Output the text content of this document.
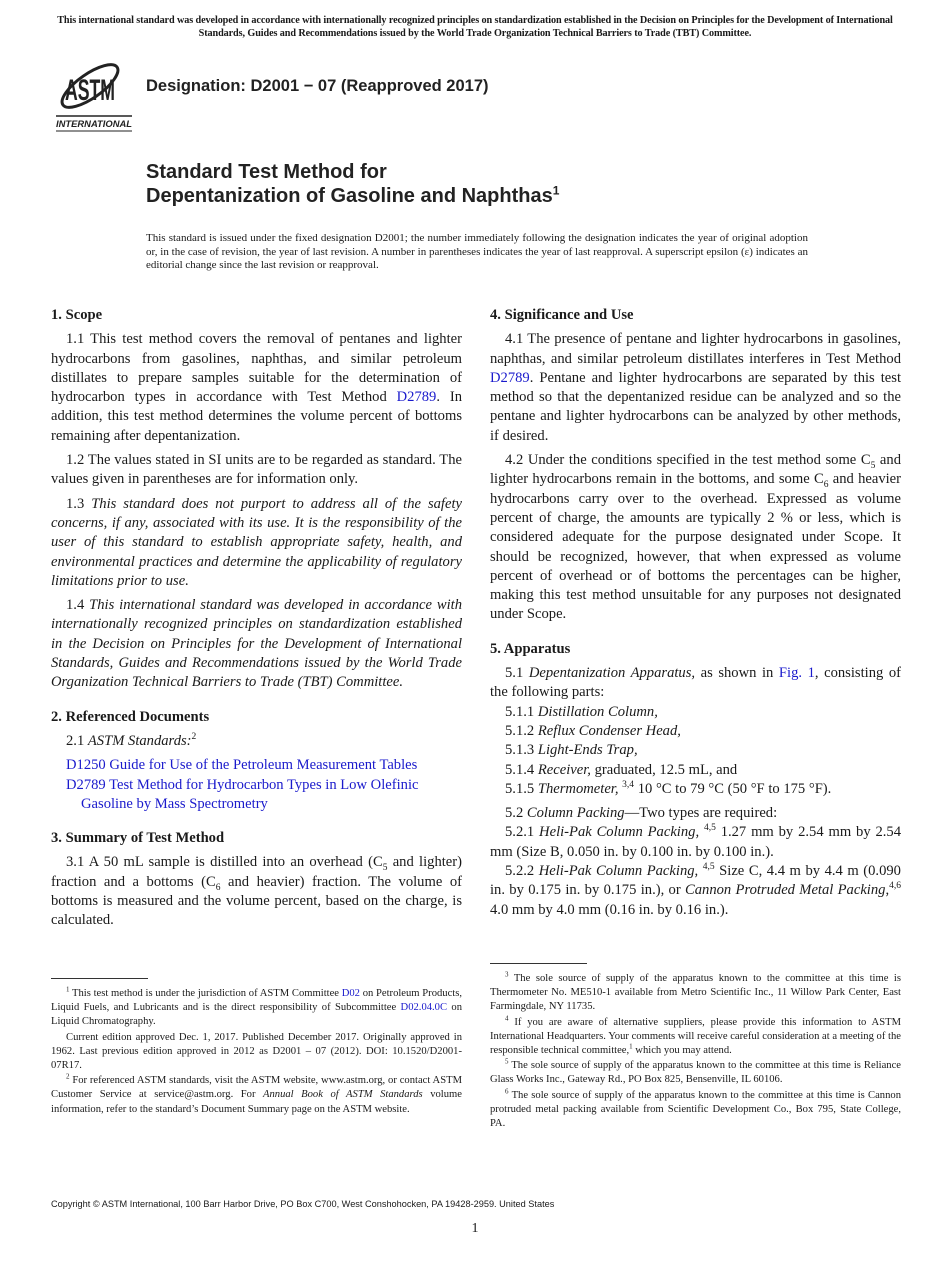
This international standard was developed in accordance with internationally recognized principles on standardization established in the Decision on Principles for the Development of International Standards, Guides and Recommendations issued by the World Trade Organization Technical Barriers to Trade (TBT) Committee.
ASTM
INTERNATIONAL
Designation: D2001 − 07 (Reapproved 2017)
Standard Test Method for
Depentanization of Gasoline and Naphthas$^1$
This standard is issued under the fixed designation D2001; the number immediately following the designation indicates the year of original adoption or, in the case of revision, the year of last revision. A number in parentheses indicates the year of last reapproval. A superscript epsilon (ε) indicates an editorial change since the last revision or reapproval.
1. Scope

1.1 This test method covers the removal of pentanes and lighter hydrocarbons from gasolines, naphthas, and similar petroleum distillates to prepare samples suitable for the determination of hydrocarbon types in accordance with Test Method D2789. In addition, this test method determines the volume percent of bottoms remaining after depentanization.

1.2 The values stated in SI units are to be regarded as standard. The values given in parentheses are for information only.

1.3 This standard does not purport to address all of the safety concerns, if any, associated with its use. It is the responsibility of the user of this standard to establish appropriate safety, health, and environmental practices and determine the applicability of regulatory limitations prior to use.

1.4 This international standard was developed in accordance with internationally recognized principles on standardization established in the Decision on Principles for the Development of International Standards, Guides and Recommendations issued by the World Trade Organization Technical Barriers to Trade (TBT) Committee.

2. Referenced Documents

2.1 ASTM Standards:$^2$

D1250 Guide for Use of the Petroleum Measurement Tables

D2789 Test Method for Hydrocarbon Types in Low Olefinic Gasoline by Mass Spectrometry

3. Summary of Test Method

3.1 A 50 mL sample is distilled into an overhead ($C_5$ and lighter) fraction and a bottoms ($C_6$ and heavier) fraction. The volume of bottoms is measured and the volume percent, based on the charge, is calculated.

4. Significance and Use

4.1 The presence of pentane and lighter hydrocarbons in gasolines, naphthas, and similar petroleum distillates interferes in Test Method D2789. Pentane and lighter hydrocarbons are separated by this test method so that the depentanized residue can be analyzed and so the pentane and lighter hydrocarbons can be analyzed by other methods, if desired.

4.2 Under the conditions specified in the test method some $C_5$ and lighter hydrocarbons remain in the bottoms, and some $C_6$ and heavier hydrocarbons carry over to the overhead. Expressed as volume percent of charge, the amounts are typically 2 % or less, which is considered adequate for the purpose designated under Scope. It should be recognized, however, that when expressed as volume percent of overhead or of bottoms the percentages can be higher, making this test method unsuitable for any purposes not designated under Scope.

5. Apparatus

5.1 Depentanization Apparatus, as shown in Fig. 1, consisting of the following parts:

5.1.1 Distillation Column,

5.1.2 Reflux Condenser Head,

5.1.3 Light-Ends Trap,

5.1.4 Receiver, graduated, 12.5 mL, and

5.1.5 Thermometer, $^{3,4}$ 10 °C to 79 °C (50 °F to 175 °F).

5.2 Column Packing—Two types are required:

5.2.1 Heli-Pak Column Packing, $^{4,5}$ 1.27 mm by 2.54 mm by 2.54 mm (Size B, 0.050 in. by 0.100 in. by 0.100 in.).

5.2.2 Heli-Pak Column Packing, $^{4,5}$ Size C, 4.4 m by 4.4 m (0.090 in. by 0.175 in. by 0.175 in.), or Cannon Protruded Metal Packing,$^{4,6}$ 4.0 mm by 4.0 mm (0.16 in. by 0.16 in.).

$^1$ This test method is under the jurisdiction of ASTM Committee D02 on Petroleum Products, Liquid Fuels, and Lubricants and is the direct responsibility of Subcommittee D02.04.0C on Liquid Chromatography.

Current edition approved Dec. 1, 2017. Published December 2017. Originally approved in 1962. Last previous edition approved in 2012 as D2001 – 07 (2012). DOI: 10.1520/D2001-07R17.

$^2$ For referenced ASTM standards, visit the ASTM website, www.astm.org, or contact ASTM Customer Service at service@astm.org. For Annual Book of ASTM Standards volume information, refer to the standard’s Document Summary page on the ASTM website.

$^3$ The sole source of supply of the apparatus known to the committee at this time is Thermometer No. ME510-1 available from Metro Scientific Inc., 11 Willow Park Center, East Farmingdale, NY 11735.

$^4$ If you are aware of alternative suppliers, please provide this information to ASTM International Headquarters. Your comments will receive careful consideration at a meeting of the responsible technical committee,$^1$ which you may attend.

$^5$ The sole source of supply of the apparatus known to the committee at this time is Reliance Glass Works Inc., Gateway Rd., PO Box 825, Bensenville, IL 60106.

$^6$ The sole source of supply of the apparatus known to the committee at this time is Cannon protruded metal packing available from Scientific Development Co., Box 795, State College, PA.

Copyright © ASTM International, 100 Barr Harbor Drive, PO Box C700, West Conshohocken, PA 19428-2959. United States
1
